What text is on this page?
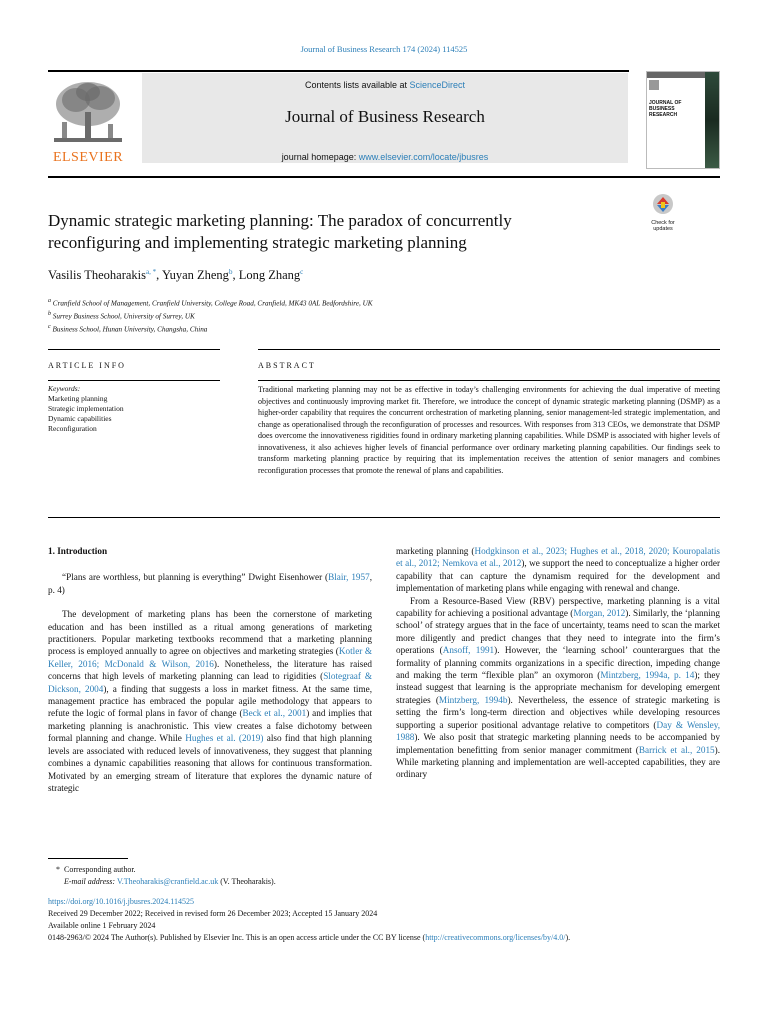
Journal of Business Research 174 (2024) 114525
ELSEVIER
Contents lists available at ScienceDirect
Journal of Business Research
journal homepage: www.elsevier.com/locate/jbusres
JOURNAL OF
BUSINESS
RESEARCH
Check for
updates
Dynamic strategic marketing planning: The paradox of concurrently reconfiguring and implementing strategic marketing planning
Vasilis Theoharakis$^{a, *}$, Yuyan Zheng$^b$, Long Zhang$^c$
$^a$ Cranfield School of Management, Cranfield University, College Road, Cranfield, MK43 0AL Bedfordshire, UK
$^b$ Surrey Business School, University of Surrey, UK
$^c$ Business School, Hunan University, Changsha, China
ARTICLE INFO	ABSTRACT
Keywords:
Marketing planning
Strategic implementation
Dynamic capabilities
Reconfiguration
Traditional marketing planning may not be as effective in today’s challenging environments for achieving the dual imperative of meeting objectives and continuously improving market fit. Therefore, we introduce the concept of dynamic strategic marketing planning (DSMP) as a higher-order capability that requires the concurrent orchestration of marketing planning, senior management-led strategic implementation, and change as operationalised through the reconfiguration of processes and resources. With responses from 313 CEOs, we demonstrate that DSMP does overcome the innovativeness rigidities found in ordinary marketing planning capabilities. While DSMP is associated with higher levels of innovativeness, it also achieves higher levels of financial performance over ordinary marketing planning capabilities. Our findings seek to transform marketing planning practice by requiring that its implementation receives the attention of senior managers and combines reconfiguration processes that promote the renewal of plans and capabilities.
1. Introduction

“Plans are worthless, but planning is everything” Dwight Eisenhower (Blair, 1957, p. 4)

The development of marketing plans has been the cornerstone of marketing education and has been instilled as a ritual among generations of marketing practitioners. Popular marketing textbooks recommend that a marketing planning process is employed annually to agree on objectives and marketing strategies (Kotler & Keller, 2016; McDonald & Wilson, 2016). Nonetheless, the literature has raised concerns that high levels of marketing planning can lead to rigidities (Slotegraaf & Dickson, 2004), a finding that suggests a loss in market fitness. At the same time, management practice has embraced the popular agile methodology that appears to refute the logic of formal plans in favor of change (Beck et al., 2001) and implies that marketing planning is anachronistic. This view creates a false dichotomy between formal planning and change. While Hughes et al. (2019) also find that high planning levels are associated with reduced levels of innovativeness, they suggest that planning combines a dynamic capabilities reasoning that allows for continuous transformation. Motivated by an emerging stream of literature that explores the dynamic nature of strategic

marketing planning (Hodgkinson et al., 2023; Hughes et al., 2018, 2020; Kouropalatis et al., 2012; Nemkova et al., 2012), we support the need to conceptualize a higher order capability that can capture the dynamism required for the development and implementation of marketing plans while engaging with renewal and change.

From a Resource-Based View (RBV) perspective, marketing planning is a vital capability for achieving a positional advantage (Morgan, 2012). Similarly, the ‘planning school’ of strategy argues that in the face of uncertainty, teams need to scan the market more diligently and predict changes that they need to integrate into the firm’s operations (Ansoff, 1991). However, the ‘learning school’ counterargues that the formality of planning commits organizations in a specific direction, impeding change and making the term “flexible plan” an oxymoron (Mintzberg, 1994a, p. 14); they instead suggest that learning is the appropriate mechanism for developing emergent strategies (Mintzberg, 1994b). Nevertheless, the essence of strategic marketing is setting the firm’s long-term direction and objectives while developing resources supporting a superior positional advantage relative to competitors (Day & Wensley, 1988). We also posit that strategic marketing planning needs to be accompanied by implementation benefitting from senior manager commitment (Barrick et al., 2015). While marketing planning and implementation are well-accepted capabilities, they are ordinary

*  Corresponding author.
E-mail address: V.Theoharakis@cranfield.ac.uk (V. Theoharakis).
https://doi.org/10.1016/j.jbusres.2024.114525
Received 29 December 2022; Received in revised form 26 December 2023; Accepted 15 January 2024
Available online 1 February 2024
0148-2963/© 2024 The Author(s). Published by Elsevier Inc. This is an open access article under the CC BY license (http://creativecommons.org/licenses/by/4.0/).
